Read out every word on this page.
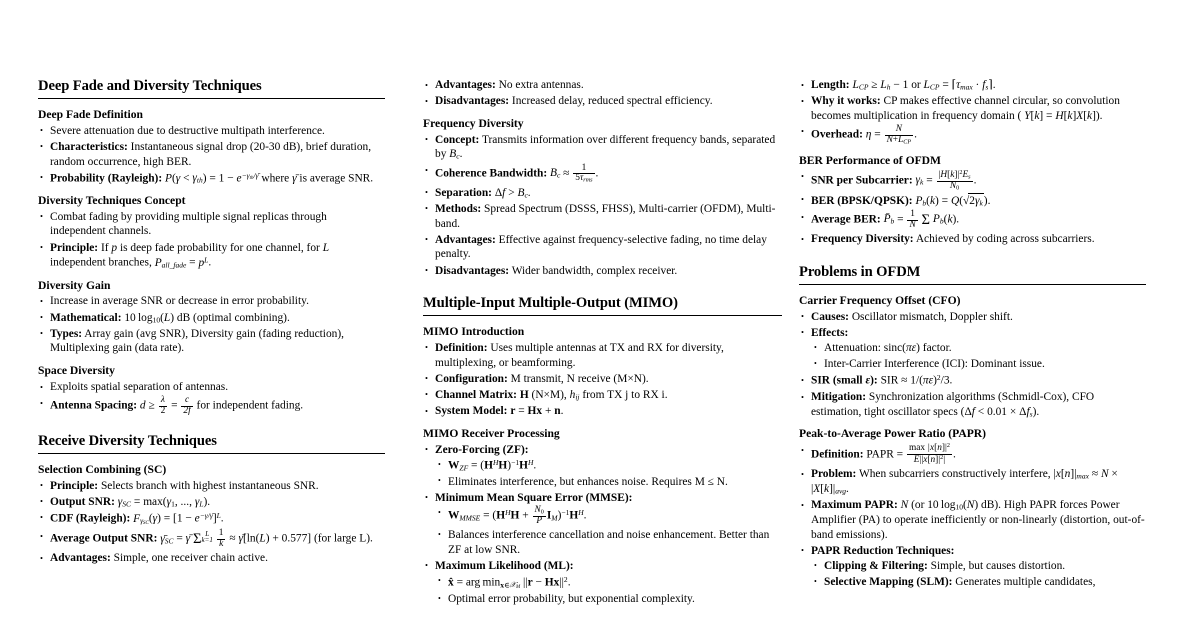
Deep Fade and Diversity Techniques
Deep Fade Definition
• Severe attenuation due to destructive multipath interference.
• Characteristics: Instantaneous signal drop (20-30 dB), brief duration, random occurrence, high BER.
• Probability (Rayleigh): $P(\gamma < \gamma_{th}) = 1 - e^{-\gamma_{th}/\gammā}$ where γ̄ is average SNR.
Diversity Techniques Concept
• Combat fading by providing multiple signal replicas through independent channels.
• Principle: If p is deep fade probability for one channel, for L independent branches, $P_{all\_fade} = p^L$.
Diversity Gain
• Increase in average SNR or decrease in error probability.
• Mathematical: 10 $\log_{10}(L)$ dB (optimal combining).
• Types: Array gain (avg SNR), Diversity gain (fading reduction), Multiplexing gain (data rate).
Space Diversity
• Exploits spatial separation of antennas.
• Antenna Spacing: $d \ge \frac{\lambda}{2} = \frac{c}{2f}$ for independent fading.
Receive Diversity Techniques
Selection Combining (SC)
• Principle: Selects branch with highest instantaneous SNR.
• Output SNR: $\gamma_{SC} = \max(\gamma_1$, ..., $\gamma_L$).
• CDF (Rayleigh): $F_{\gamma_{SC}}(\gamma) = [1 - e^{-\gamma/\gammā}]^L$.
• Average Output SNR: $\gammā_{SC}$ = γ̄ Σ L
k=1
$\frac{1}{k}$ ≈ γ̄[ln(L) + 0.577] (for large L).
• Advantages: Simple, one receiver chain active.
• Advantages: No extra antennas.
• Disadvantages: Increased delay, reduced spectral efficiency.
Frequency Diversity
• Concept: Transmits information over different frequency bands, separated by $B_c$.
• Coherence Bandwidth: $B_c \approx \frac{1}{5\tau_{rms}}$ .
• Separation: $\Delta f > B_c$.
• Methods: Spread Spectrum (DSSS, FHSS), Multi-carrier (OFDM), Multi-band.
• Advantages: Effective against frequency-selective fading, no time delay penalty.
• Disadvantages: Wider bandwidth, complex receiver.
Multiple-Input Multiple-Output (MIMO)
MIMO Introduction
• Definition: Uses multiple antennas at TX and RX for diversity, multiplexing, or beamforming.
• Configuration: M transmit, N receive (M×N).
• Channel Matrix: H (N×M), $h_{ij}$ from TX j to RX i.
• System Model: r = Hx + n.
MIMO Receiver Processing
• Zero-Forcing (ZF):
• $W_{ZF} = (H^HH)^{-1}H^H$.
• Eliminates interference, but enhances noise. Requires M ≤ N.
• Minimum Mean Square Error (MMSE):
• $W_{MMSE} = (H^HH + \frac{N_0}{P} I_M)^{-1}H^H$.
• Balances interference cancellation and noise enhancement. Better than ZF at low SNR.
• Maximum Likelihood (ML):
• x̂ = arg $\min_{x\in 𝒳_M} ||r - Hx||^2$.
• Optimal error probability, but exponential complexity.
• Length: $L_{CP} \ge L_h - 1$ or $L_{CP}$ = $⌈\tau_{max}$ · $f_s⌉$.
• Why it works: CP makes effective channel circular, so convolution becomes multiplication in frequency domain ( Y[k] = H[k]X[k]).
• Overhead: $\eta = \frac{N}{N+L_{CP}}$ .
BER Performance of OFDM
• SNR per Subcarrier: $\gamma_k = \frac{|H[k]|^2E_s}{N_0}$ .
• BER (BPSK/QPSK): $P_b(k) = Q(√2\gamma_k)$.
• Average BER: $P̄_b = \frac{1}{N}$ Σ $P_b(k)$.
• Frequency Diversity: Achieved by coding across subcarriers.
Problems in OFDM
Carrier Frequency Offset (CFO)
• Causes: Oscillator mismatch, Doppler shift.
• Effects:
• Attenuation: sinc(πε) factor.
• Inter-Carrier Interference (ICI): Dominant issue.
• SIR (small ε): SIR ≈ $1/(\pi\varepsilon)^2/3$.
• Mitigation: Synchronization algorithms (Schmidl-Cox), CFO estimation, tight oscillator specs $(\Delta f < 0.01 \times \Delta f_s)$.
Peak-to-Average Power Ratio (PAPR)
• Definition: PAPR = $\frac{\max |x[n]|^2}{E||x[n]|^2|}$ .
• Problem: When subcarriers constructively interfere, $|x[n]|_{max} \approx N \times |X[k]|_{avg}$.
• Maximum PAPR: N (or 10 $\log_{10}(N)$ dB). High PAPR forces Power Amplifier (PA) to operate inefficiently or non-linearly (distortion, out-of-band emissions).
• PAPR Reduction Techniques:
• Clipping & Filtering: Simple, but causes distortion.
• Selective Mapping (SLM): Generates multiple candidates,
